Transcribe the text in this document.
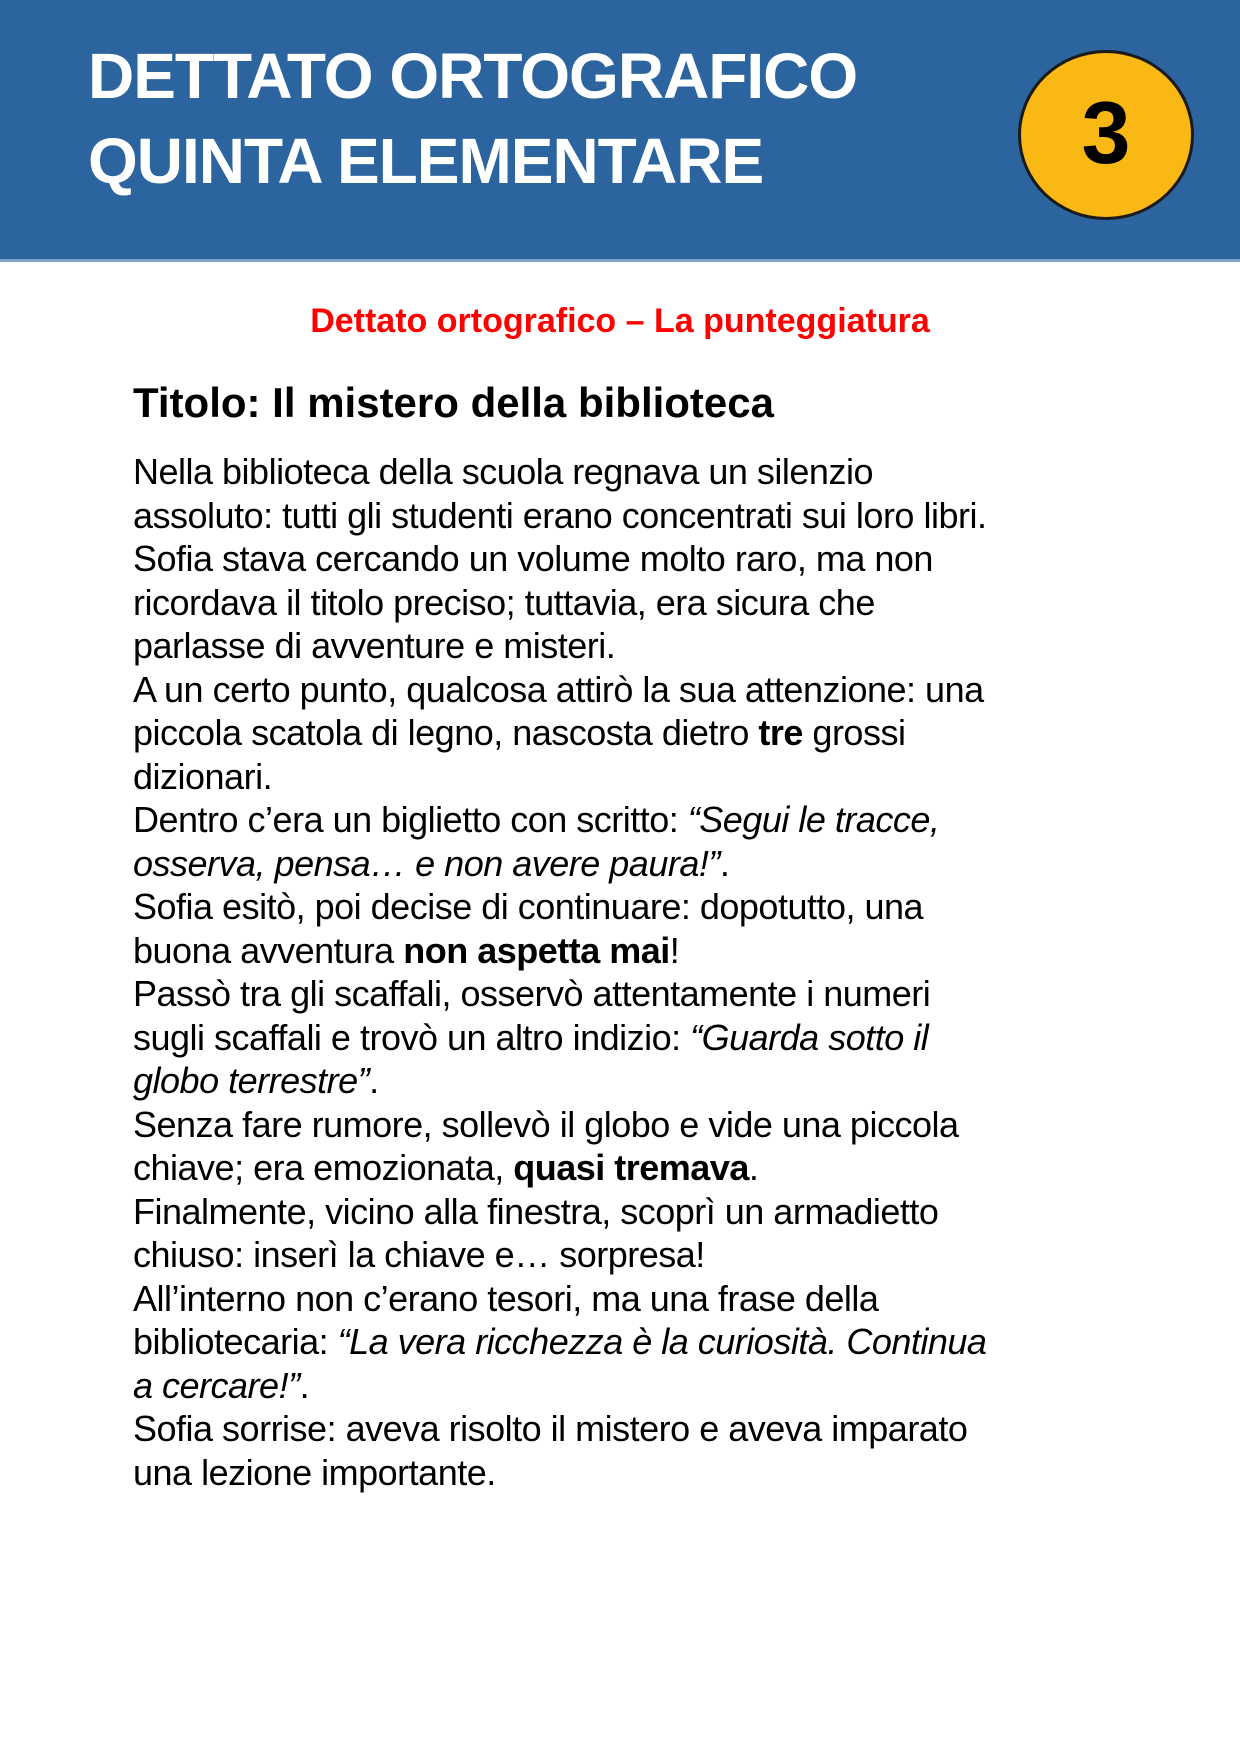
DETTATO ORTOGRAFICO
QUINTA ELEMENTARE	3
Dettato ortografico – La punteggiatura
Titolo: Il mistero della biblioteca
Nella biblioteca della scuola regnava un silenzio
assoluto: tutti gli studenti erano concentrati sui loro libri.
Sofia stava cercando un volume molto raro, ma non
ricordava il titolo preciso; tuttavia, era sicura che
parlasse di avventure e misteri.
A un certo punto, qualcosa attirò la sua attenzione: una
piccola scatola di legno, nascosta dietro tre grossi
dizionari.
Dentro c’era un biglietto con scritto: “Segui le tracce,
osserva, pensa… e non avere paura!”.
Sofia esitò, poi decise di continuare: dopotutto, una
buona avventura non aspetta mai!
Passò tra gli scaffali, osservò attentamente i numeri
sugli scaffali e trovò un altro indizio: “Guarda sotto il
globo terrestre”.
Senza fare rumore, sollevò il globo e vide una piccola
chiave; era emozionata, quasi tremava.
Finalmente, vicino alla finestra, scoprì un armadietto
chiuso: inserì la chiave e… sorpresa!
All’interno non c’erano tesori, ma una frase della
bibliotecaria: “La vera ricchezza è la curiosità. Continua
a cercare!”.
Sofia sorrise: aveva risolto il mistero e aveva imparato
una lezione importante.
